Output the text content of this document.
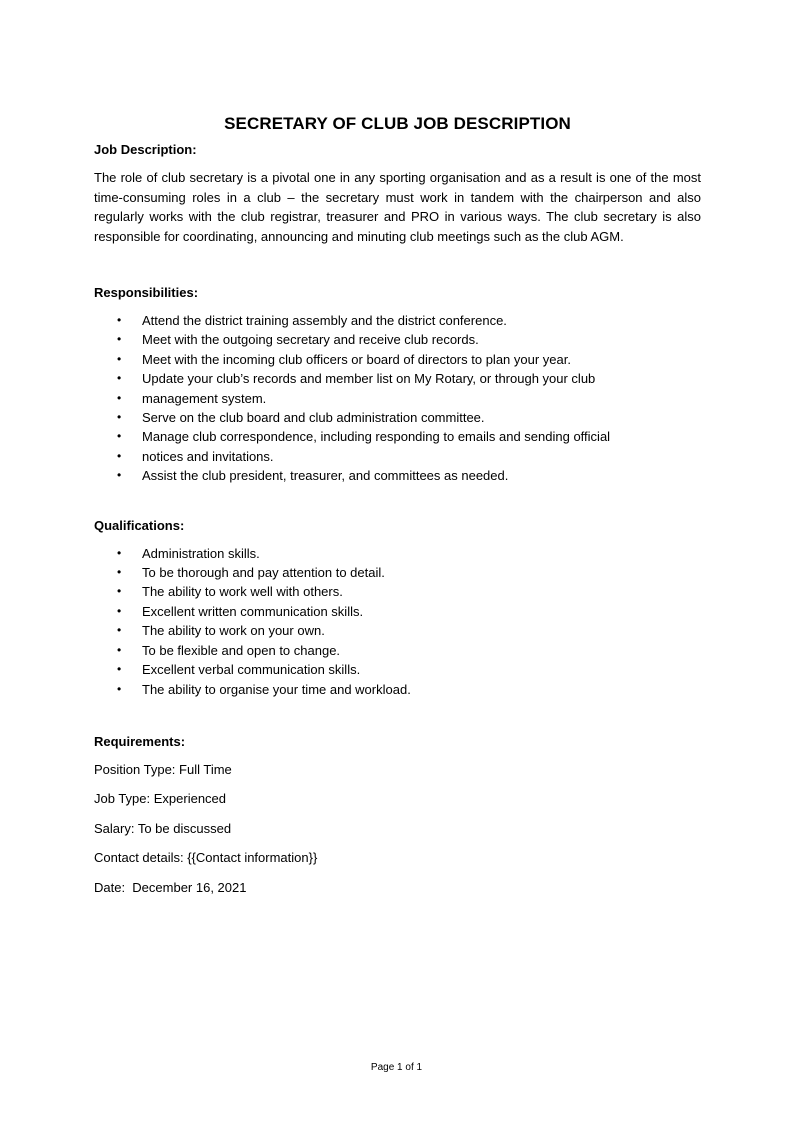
SECRETARY OF CLUB JOB DESCRIPTION
Job Description:

The role of club secretary is a pivotal one in any sporting organisation and as a result is one of the most time-consuming roles in a club – the secretary must work in tandem with the chairperson and also regularly works with the club registrar, treasurer and PRO in various ways. The club secretary is also responsible for coordinating, announcing and minuting club meetings such as the club AGM.

Responsibilities:
• Attend the district training assembly and the district conference.
• Meet with the outgoing secretary and receive club records.
• Meet with the incoming club officers or board of directors to plan your year.
• Update your club’s records and member list on My Rotary, or through your club
• management system.
• Serve on the club board and club administration committee.
• Manage club correspondence, including responding to emails and sending official
• notices and invitations.
• Assist the club president, treasurer, and committees as needed.
Qualifications:
• Administration skills.
• To be thorough and pay attention to detail.
• The ability to work well with others.
• Excellent written communication skills.
• The ability to work on your own.
• To be flexible and open to change.
• Excellent verbal communication skills.
• The ability to organise your time and workload.
Requirements:

Position Type: Full Time

Job Type: Experienced

Salary: To be discussed

Contact details: {{Contact information}}

Date:  December 16, 2021

Page 1 of 1
